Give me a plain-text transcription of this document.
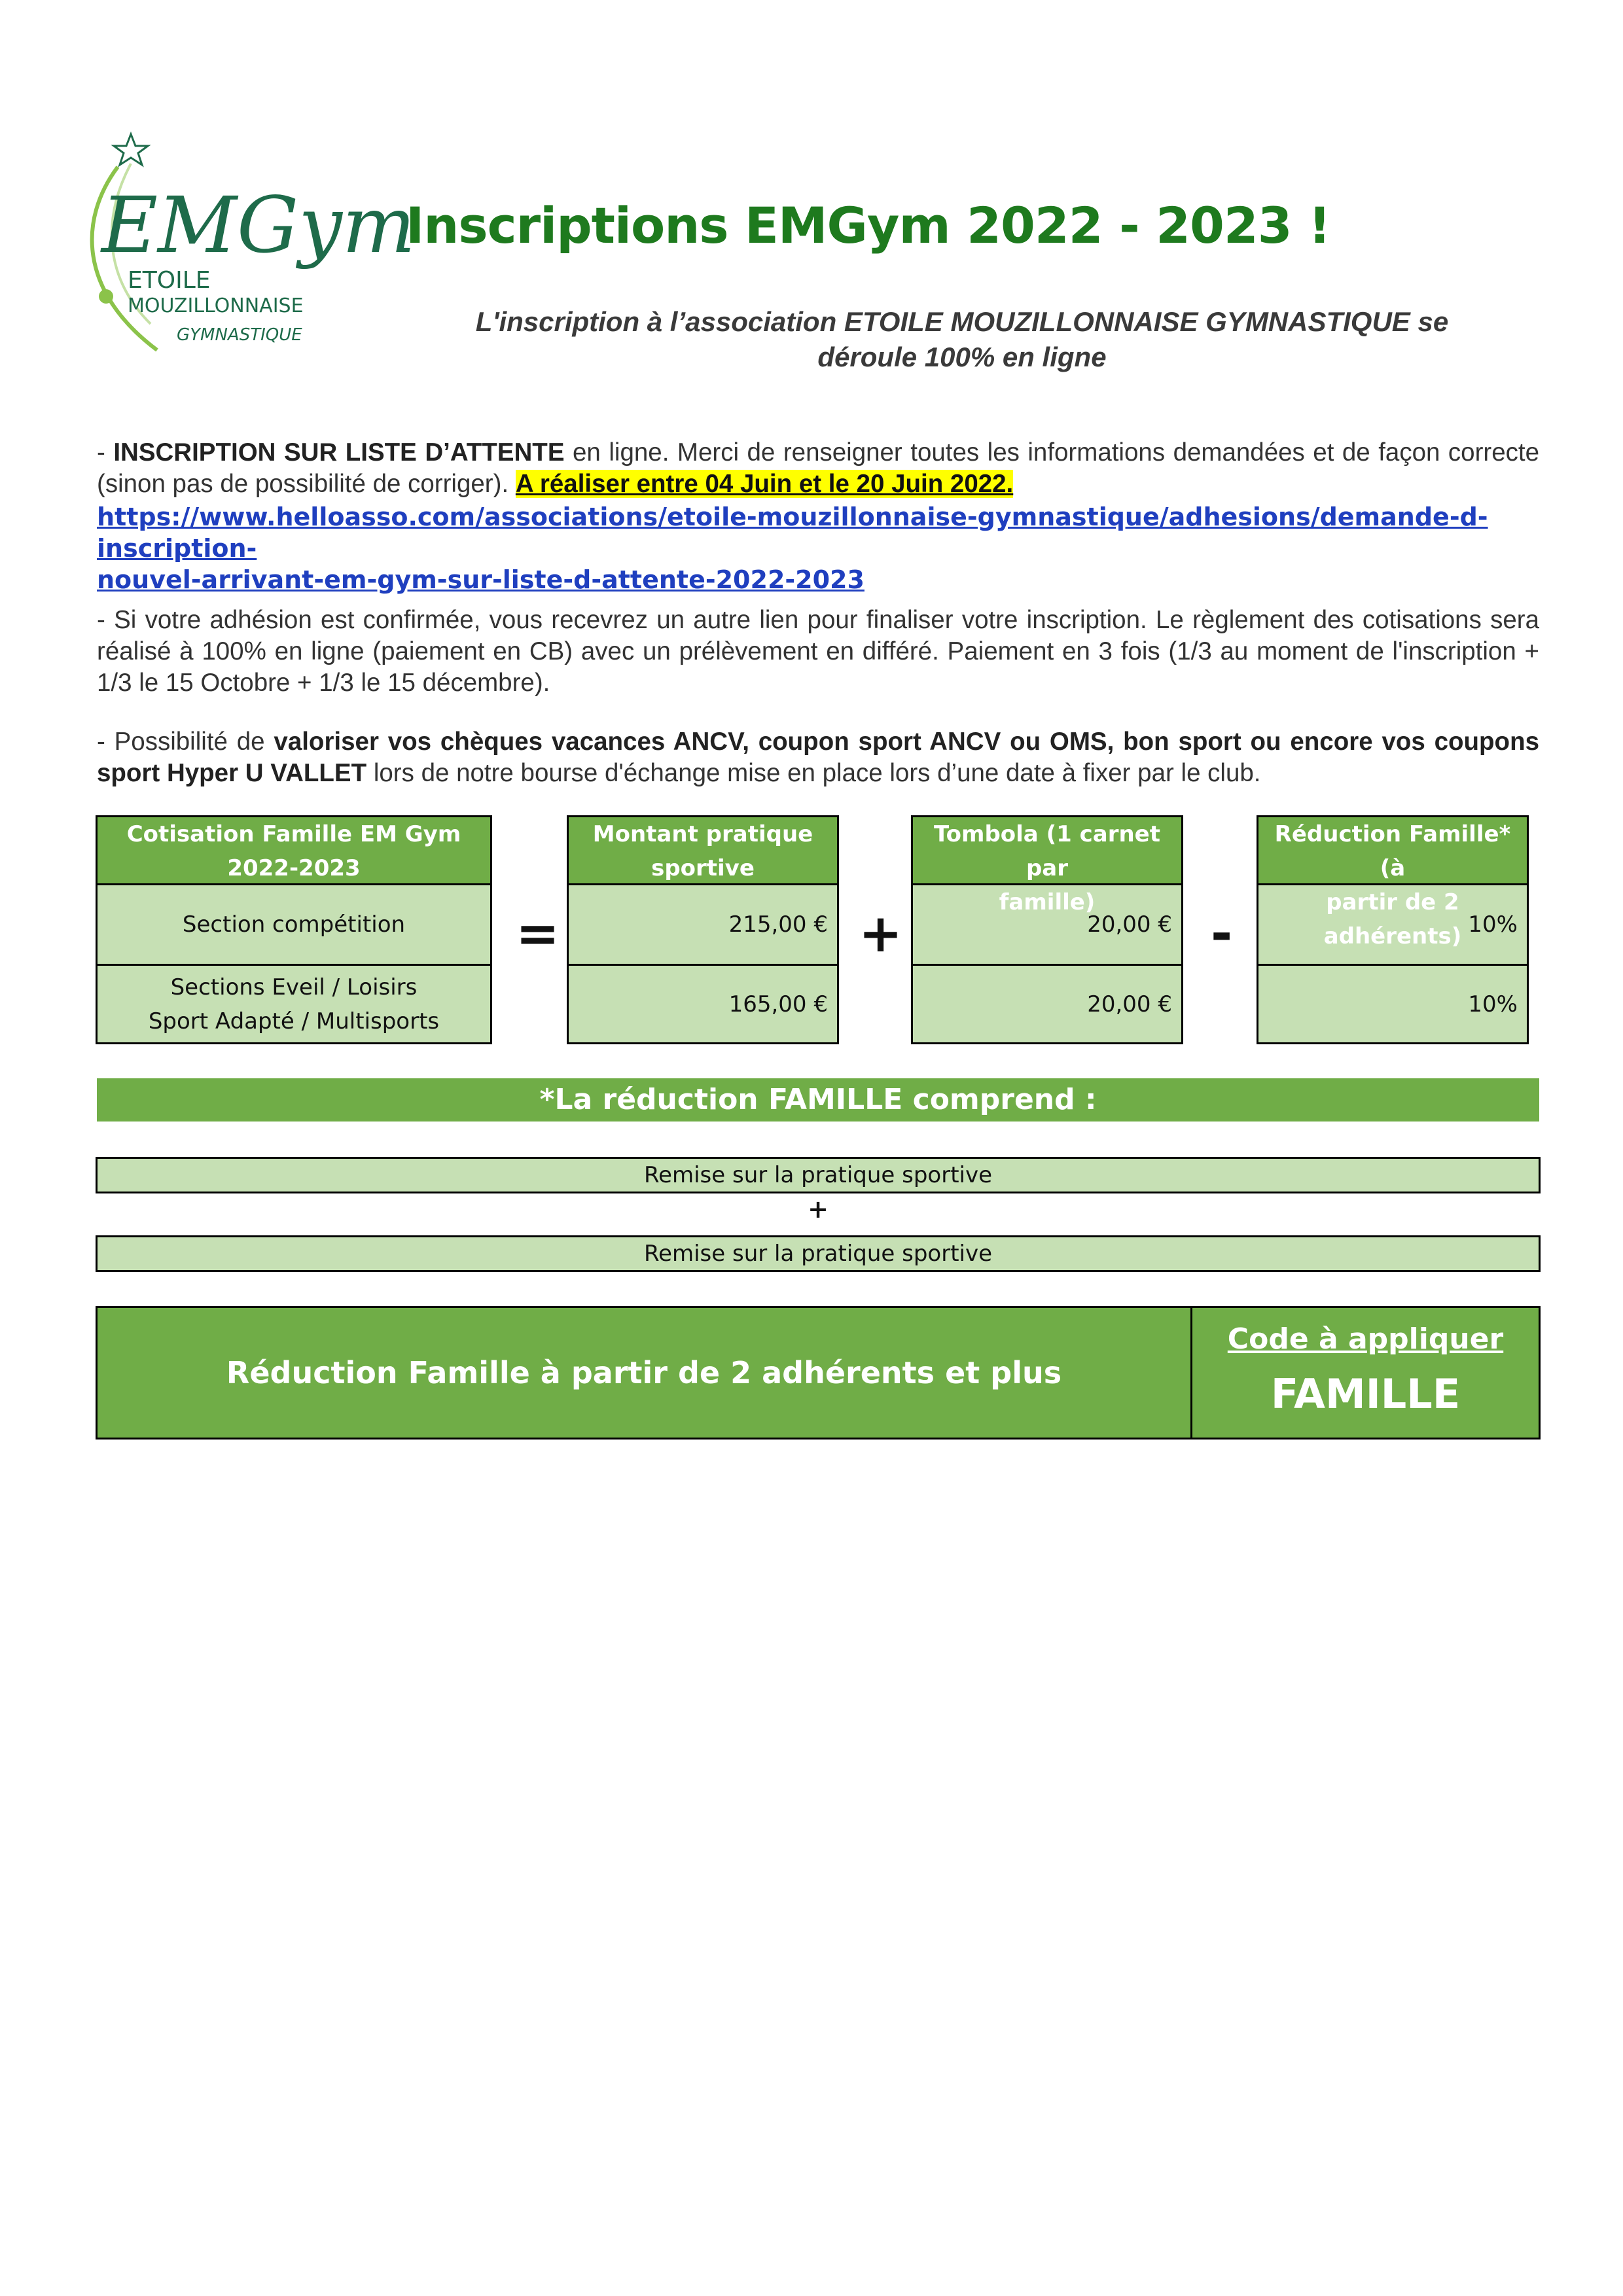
EMGym
ETOILE
MOUZILLONNAISE
GYMNASTIQUE
Inscriptions EMGym 2022 - 2023 !
L'inscription à l’association ETOILE MOUZILLONNAISE GYMNASTIQUE se
déroule 100% en ligne
- INSCRIPTION SUR LISTE D’ATTENTE en ligne. Merci de renseigner toutes les informations demandées et de façon correcte (sinon pas de possibilité de corriger). A réaliser entre 04 Juin et le 20 Juin 2022.
https://www.helloasso.com/associations/etoile-mouzillonnaise-gymnastique/adhesions/demande-d-inscription-
nouvel-arrivant-em-gym-sur-liste-d-attente-2022-2023
- Si votre adhésion est confirmée, vous recevrez un autre lien pour finaliser votre inscription. Le règlement des cotisations sera réalisé à 100% en ligne (paiement en CB) avec un prélèvement en différé. Paiement en 3 fois (1/3 au moment de l'inscription + 1/3 le 15 Octobre + 1/3 le 15 décembre).
- Possibilité de valoriser vos chèques vacances ANCV, coupon sport ANCV ou OMS, bon sport ou encore vos coupons sport Hyper U VALLET lors de notre bourse d'échange mise en place lors d’une date à fixer par le club.
Cotisation Famille EM Gym
2022-2023
Section compétition
Sections Eveil / Loisirs
Sport Adapté / Multisports
=
Montant pratique
sportive
215,00 €
165,00 €
+
Tombola (1 carnet par
famille)
20,00 €
20,00 €
-
Réduction Famille* (à
partir de 2 adhérents) 10%
10%
*La réduction FAMILLE comprend :
Remise sur la pratique sportive
+
Remise sur la pratique sportive
Réduction Famille à partir de 2 adhérents et plus
Code à appliquer
FAMILLE
